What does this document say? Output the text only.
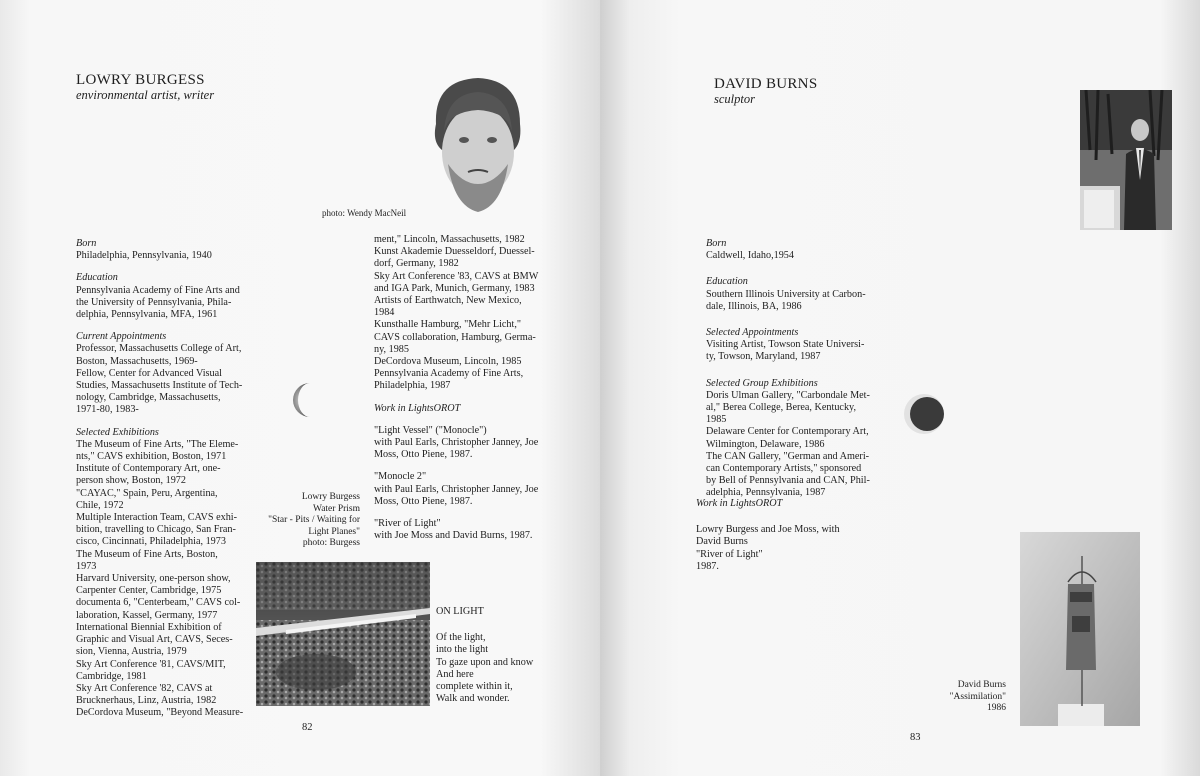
LOWRY BURGESS
environmental artist, writer
photo: Wendy MacNeil

Born

Philadelphia, Pennsylvania, 1940

Education

Pennsylvania Academy of Fine Arts and
the University of Pennsylvania, Phila-
delphia, Pennsylvania, MFA, 1961

Current Appointments

Professor, Massachusetts College of Art,
Boston, Massachusetts, 1969-
Fellow, Center for Advanced Visual
Studies, Massachusetts Institute of Tech-
nology, Cambridge, Massachusetts,
1971-80, 1983-

Selected Exhibitions

The Museum of Fine Arts, "The Eleme-
nts," CAVS exhibition, Boston, 1971
Institute of Contemporary Art, one-
person show, Boston, 1972
"CAYAC," Spain, Peru, Argentina,
Chile, 1972
Multiple Interaction Team, CAVS exhi-
bition, travelling to Chicago, San Fran-
cisco, Cincinnati, Philadelphia, 1973
The Museum of Fine Arts, Boston,
1973
Harvard University, one-person show,
Carpenter Center, Cambridge, 1975
documenta 6, "Centerbeam," CAVS col-
laboration, Kassel, Germany, 1977
International Biennial Exhibition of
Graphic and Visual Art, CAVS, Seces-
sion, Vienna, Austria, 1979
Sky Art Conference '81, CAVS/MIT,
Cambridge, 1981
Sky Art Conference '82, CAVS at
Brucknerhaus, Linz, Austria, 1982
DeCordova Museum, "Beyond Measure-

ment," Lincoln, Massachusetts, 1982
Kunst Akademie Duesseldorf, Duessel-
dorf, Germany, 1982
Sky Art Conference '83, CAVS at BMW
and IGA Park, Munich, Germany, 1983
Artists of Earthwatch, New Mexico,
1984
Kunsthalle Hamburg, "Mehr Licht,"
CAVS collaboration, Hamburg, Germa-
ny, 1985
DeCordova Museum, Lincoln, 1985
Pennsylvania Academy of Fine Arts,
Philadelphia, 1987

Work in LightsOROT

"Light Vessel" ("Monocle")
with Paul Earls, Christopher Janney, Joe
Moss, Otto Piene, 1987.

"Monocle 2"
with Paul Earls, Christopher Janney, Joe
Moss, Otto Piene, 1987.

"River of Light"
with Joe Moss and David Burns, 1987.

Lowry Burgess
Water Prism
"Star - Pits / Waiting for
Light Planes"
photo: Burgess

ON LIGHT

Of the light,
into the light
To gaze upon and know
And here
complete within it,
Walk and wonder.

82
DAVID BURNS
sculptor

Born

Caldwell, Idaho,1954

Education

Southern Illinois University at Carbon-
dale, Illinois, BA, 1986

Selected Appointments

Visiting Artist, Towson State Universi-
ty, Towson, Maryland, 1987

Selected Group Exhibitions

Doris Ulman Gallery, "Carbondale Met-
al," Berea College, Berea, Kentucky,
1985
Delaware Center for Contemporary Art,
Wilmington, Delaware, 1986
The CAN Gallery, "German and Ameri-
can Contemporary Artists," sponsored
by Bell of Pennsylvania and CAN, Phil-
adelphia, Pennsylvania, 1987

Work in LightsOROT

Lowry Burgess and Joe Moss, with
David Burns
"River of Light"
1987.

David Burns
"Assimilation"
1986
83
